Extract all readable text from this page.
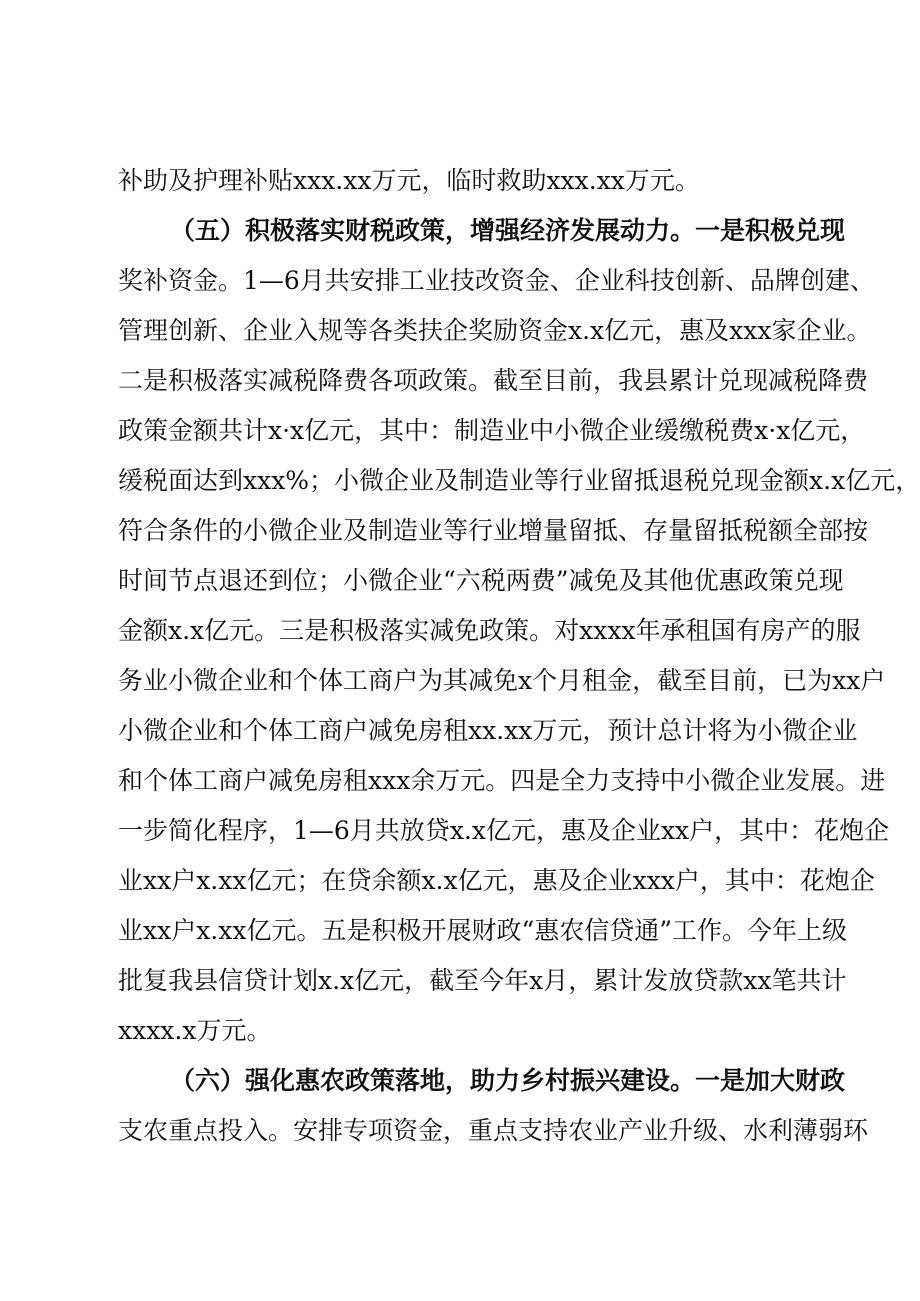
补助及护理补贴xxx.xx万元，临时救助xxx.xx万元。
（五）积极落实财税政策，增强经济发展动力。一是积极兑现
奖补资金。1—6月共安排工业技改资金、企业科技创新、品牌创建、
管理创新、企业入规等各类扶企奖励资金x.x亿元，惠及xxx家企业。
二是积极落实减税降费各项政策。截至目前，我县累计兑现减税降费
政策金额共计x·x亿元，其中：制造业中小微企业缓缴税费x·x亿元，
缓税面达到xxx%；小微企业及制造业等行业留抵退税兑现金额x.x亿元，
符合条件的小微企业及制造业等行业增量留抵、存量留抵税额全部按
时间节点退还到位；小微企业“六税两费”减免及其他优惠政策兑现
金额x.x亿元。三是积极落实减免政策。对xxxx年承租国有房产的服
务业小微企业和个体工商户为其减免x个月租金，截至目前，已为xx户
小微企业和个体工商户减免房租xx.xx万元，预计总计将为小微企业
和个体工商户减免房租xxx余万元。四是全力支持中小微企业发展。进
一步简化程序，1—6月共放贷x.x亿元，惠及企业xx户，其中：花炮企
业xx户x.xx亿元；在贷余额x.x亿元，惠及企业xxx户，其中：花炮企
业xx户x.xx亿元。五是积极开展财政“惠农信贷通”工作。今年上级
批复我县信贷计划x.x亿元，截至今年x月，累计发放贷款xx笔共计
xxxx.x万元。
（六）强化惠农政策落地，助力乡村振兴建设。一是加大财政
支农重点投入。安排专项资金，重点支持农业产业升级、水利薄弱环
